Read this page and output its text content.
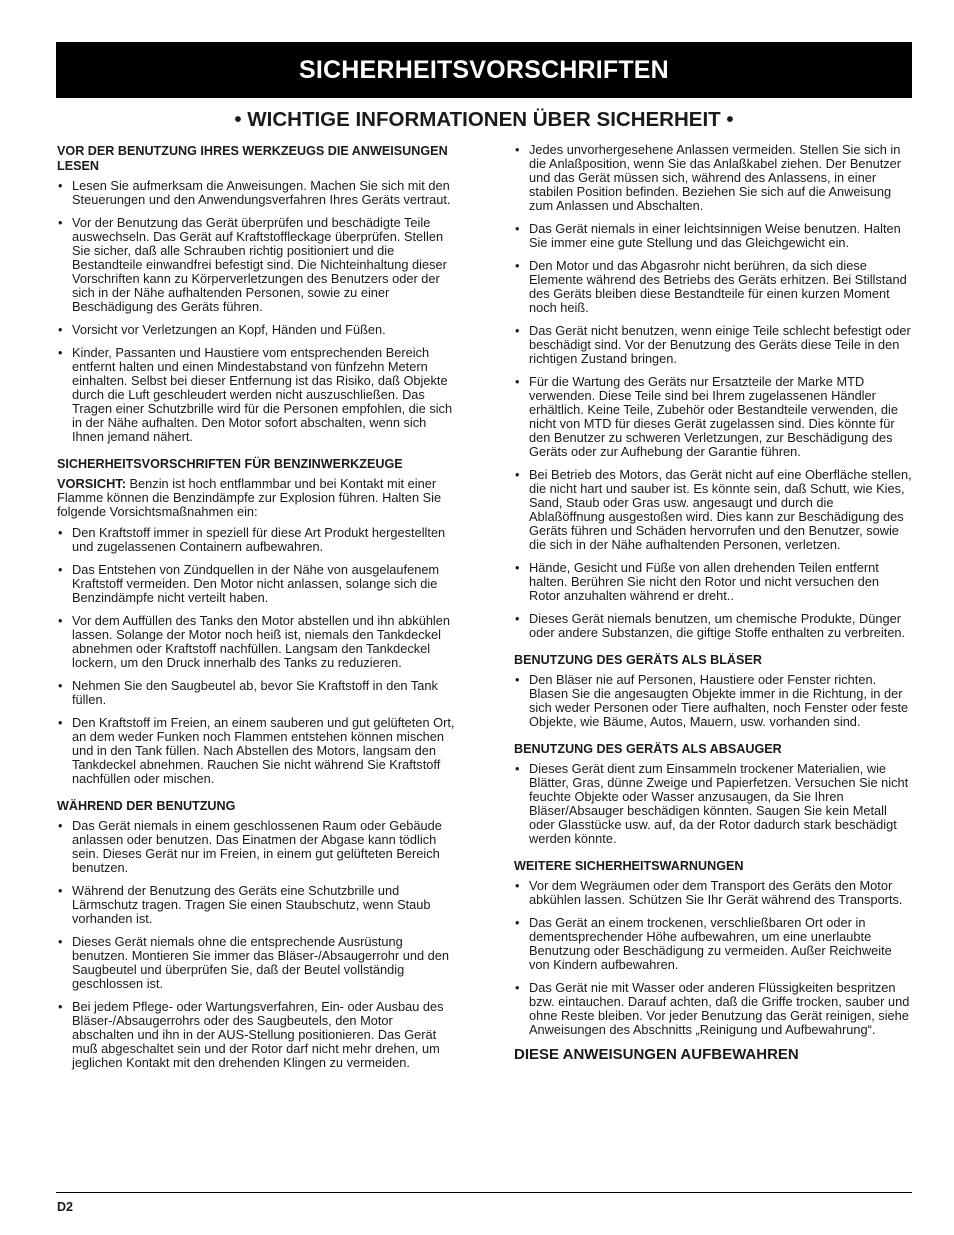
SICHERHEITSVORSCHRIFTEN
• WICHTIGE INFORMATIONEN ÜBER SICHERHEIT •
VOR DER BENUTZUNG IHRES WERKZEUGS DIE ANWEISUNGEN LESEN
• Lesen Sie aufmerksam die Anweisungen. Machen Sie sich mit den Steuerungen und den Anwendungsverfahren Ihres Geräts vertraut.
• Vor der Benutzung das Gerät überprüfen und beschädigte Teile auswechseln. Das Gerät auf Kraftstoffleckage überprüfen. Stellen Sie sicher, daß alle Schrauben richtig positioniert und die Bestandteile einwandfrei befestigt sind. Die Nichteinhaltung dieser Vorschriften kann zu Körperverletzungen des Benutzers oder der sich in der Nähe aufhaltenden Personen, sowie zu einer Beschädigung des Geräts führen.
• Vorsicht vor Verletzungen an Kopf, Händen und Füßen.
• Kinder, Passanten und Haustiere vom entsprechenden Bereich entfernt halten und einen Mindestabstand von fünfzehn Metern einhalten. Selbst bei dieser Entfernung ist das Risiko, daß Objekte durch die Luft geschleudert werden nicht auszuschließen. Das Tragen einer Schutzbrille wird für die Personen empfohlen, die sich in der Nähe aufhalten. Den Motor sofort abschalten, wenn sich Ihnen jemand nähert.
SICHERHEITSVORSCHRIFTEN FÜR BENZINWERKZEUGE

VORSICHT: Benzin ist hoch entflammbar und bei Kontakt mit einer Flamme können die Benzindämpfe zur Explosion führen. Halten Sie folgende Vorsichtsmaßnahmen ein:

• Den Kraftstoff immer in speziell für diese Art Produkt hergestellten und zugelassenen Containern aufbewahren.
• Das Entstehen von Zündquellen in der Nähe von ausgelaufenem Kraftstoff vermeiden. Den Motor nicht anlassen, solange sich die Benzindämpfe nicht verteilt haben.
• Vor dem Auffüllen des Tanks den Motor abstellen und ihn abkühlen lassen. Solange der Motor noch heiß ist, niemals den Tankdeckel abnehmen oder Kraftstoff nachfüllen. Langsam den Tankdeckel lockern, um den Druck innerhalb des Tanks zu reduzieren.
• Nehmen Sie den Saugbeutel ab, bevor Sie Kraftstoff in den Tank füllen.
• Den Kraftstoff im Freien, an einem sauberen und gut gelüfteten Ort, an dem weder Funken noch Flammen entstehen können mischen und in den Tank füllen. Nach Abstellen des Motors, langsam den Tankdeckel abnehmen. Rauchen Sie nicht während Sie Kraftstoff nachfüllen oder mischen.
WÄHREND DER BENUTZUNG
• Das Gerät niemals in einem geschlossenen Raum oder Gebäude anlassen oder benutzen. Das Einatmen der Abgase kann tödlich sein. Dieses Gerät nur im Freien, in einem gut gelüfteten Bereich benutzen.
• Während der Benutzung des Geräts eine Schutzbrille und Lärmschutz tragen. Tragen Sie einen Staubschutz, wenn Staub vorhanden ist.
• Dieses Gerät niemals ohne die entsprechende Ausrüstung benutzen. Montieren Sie immer das Bläser-/Absaugerrohr und den Saugbeutel und überprüfen Sie, daß der Beutel vollständig geschlossen ist.
• Bei jedem Pflege- oder Wartungsverfahren, Ein- oder Ausbau des Bläser-/Absaugerrohrs oder des Saugbeutels, den Motor abschalten und ihn in der AUS-Stellung positionieren. Das Gerät muß abgeschaltet sein und der Rotor darf nicht mehr drehen, um jeglichen Kontakt mit den drehenden Klingen zu vermeiden.
• Jedes unvorhergesehene Anlassen vermeiden. Stellen Sie sich in die Anlaßposition, wenn Sie das Anlaßkabel ziehen. Der Benutzer und das Gerät müssen sich, während des Anlassens, in einer stabilen Position befinden. Beziehen Sie sich auf die Anweisung zum Anlassen und Abschalten.
• Das Gerät niemals in einer leichtsinnigen Weise benutzen. Halten Sie immer eine gute Stellung und das Gleichgewicht ein.
• Den Motor und das Abgasrohr nicht berühren, da sich diese Elemente während des Betriebs des Geräts erhitzen. Bei Stillstand des Geräts bleiben diese Bestandteile für einen kurzen Moment noch heiß.
• Das Gerät nicht benutzen, wenn einige Teile schlecht befestigt oder beschädigt sind. Vor der Benutzung des Geräts diese Teile in den richtigen Zustand bringen.
• Für die Wartung des Geräts nur Ersatzteile der Marke MTD verwenden. Diese Teile sind bei Ihrem zugelassenen Händler erhältlich. Keine Teile, Zubehör oder Bestandteile verwenden, die nicht von MTD für dieses Gerät zugelassen sind. Dies könnte für den Benutzer zu schweren Verletzungen, zur Beschädigung des Geräts oder zur Aufhebung der Garantie führen.
• Bei Betrieb des Motors, das Gerät nicht auf eine Oberfläche stellen, die nicht hart und sauber ist. Es könnte sein, daß Schutt, wie Kies, Sand, Staub oder Gras usw. angesaugt und durch die Ablaßöffnung ausgestoßen wird. Dies kann zur Beschädigung des Geräts führen und Schäden hervorrufen und den Benutzer, sowie die sich in der Nähe aufhaltenden Personen, verletzen.
• Hände, Gesicht und Füße von allen drehenden Teilen entfernt halten. Berühren Sie nicht den Rotor und nicht versuchen den Rotor anzuhalten während er dreht..
• Dieses Gerät niemals benutzen, um chemische Produkte, Dünger oder andere Substanzen, die giftige Stoffe enthalten zu verbreiten.
BENUTZUNG DES GERÄTS ALS BLÄSER
• Den Bläser nie auf Personen, Haustiere oder Fenster richten. Blasen Sie die angesaugten Objekte immer in die Richtung, in der sich weder Personen oder Tiere aufhalten, noch Fenster oder feste Objekte, wie Bäume, Autos, Mauern, usw. vorhanden sind.
BENUTZUNG DES GERÄTS ALS ABSAUGER
• Dieses Gerät dient zum Einsammeln trockener Materialien, wie Blätter, Gras, dünne Zweige und Papierfetzen. Versuchen Sie nicht feuchte Objekte oder Wasser anzusaugen, da Sie Ihren Bläser/Absauger beschädigen könnten. Saugen Sie kein Metall oder Glasstücke usw. auf, da der Rotor dadurch stark beschädigt werden könnte.
WEITERE SICHERHEITSWARNUNGEN
• Vor dem Wegräumen oder dem Transport des Geräts den Motor abkühlen lassen. Schützen Sie Ihr Gerät während des Transports.
• Das Gerät an einem trockenen, verschließbaren Ort oder in dementsprechender Höhe aufbewahren, um eine unerlaubte Benutzung oder Beschädigung zu vermeiden. Außer Reichweite von Kindern aufbewahren.
• Das Gerät nie mit Wasser oder anderen Flüssigkeiten bespritzen bzw. eintauchen. Darauf achten, daß die Griffe trocken, sauber und ohne Reste bleiben. Vor jeder Benutzung das Gerät reinigen, siehe Anweisungen des Abschnitts „Reinigung und Aufbewahrung“.
DIESE ANWEISUNGEN AUFBEWAHREN
D2
